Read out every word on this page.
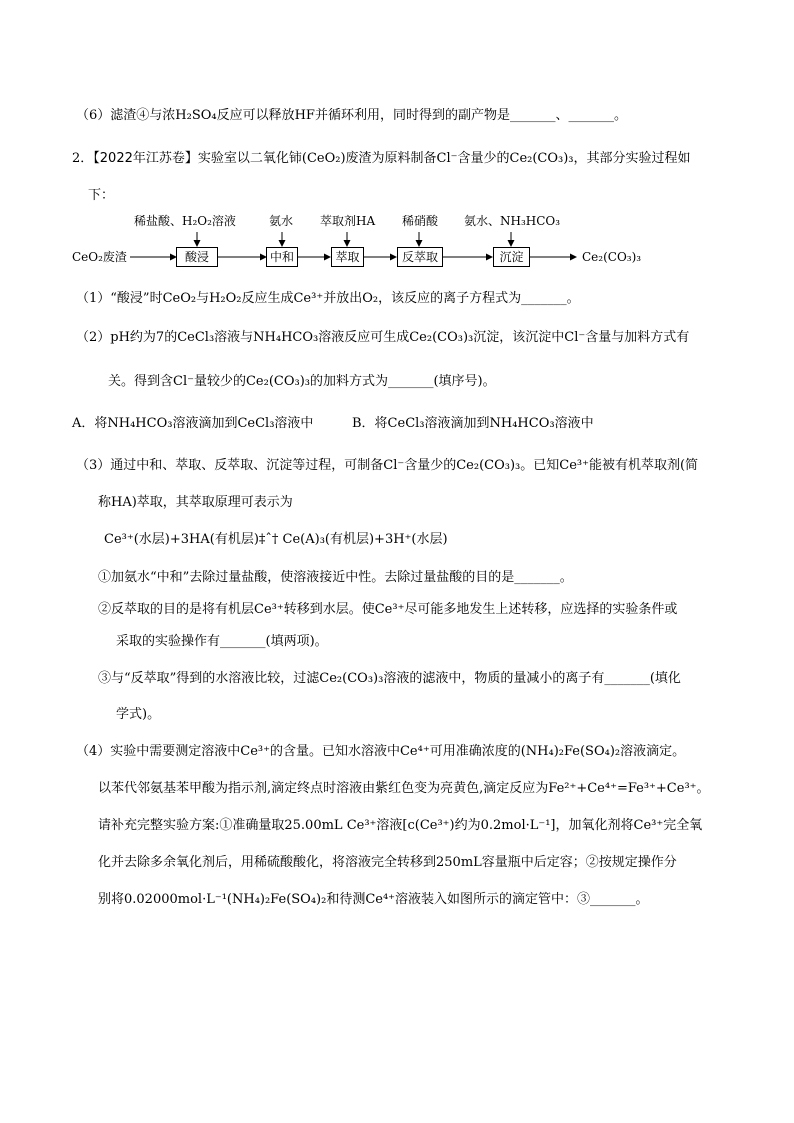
（6）滤渣④与浓H₂SO₄反应可以释放HF并循环利用，同时得到的副产物是_______、_______。
2．【2022年江苏卷】实验室以二氧化铈(CeO₂)废渣为原料制备Cl⁻含量少的Ce₂(CO₃)₃，其部分实验过程如
下：
稀盐酸、H₂O₂溶液	氨水 萃取剂HA 稀硝酸 氨水、NH₃HCO₃
CeO₂废渣	酸浸	中和	萃取	反萃取	沉淀	Ce₂(CO₃)₃
（1）“酸浸”时CeO₂与H₂O₂反应生成Ce³⁺并放出O₂，该反应的离子方程式为_______。
（2）pH约为7的CeCl₃溶液与NH₄HCO₃溶液反应可生成Ce₂(CO₃)₃沉淀，该沉淀中Cl⁻含量与加料方式有
关。得到含Cl⁻量较少的Ce₂(CO₃)₃的加料方式为_______(填序号)。
A．将NH₄HCO₃溶液滴加到CeCl₃溶液中	B．将CeCl₃溶液滴加到NH₄HCO₃溶液中
（3）通过中和、萃取、反萃取、沉淀等过程，可制备Cl⁻含量少的Ce₂(CO₃)₃。已知Ce³⁺能被有机萃取剂(简
称HA)萃取，其萃取原理可表示为
Ce³⁺(水层)+3HA(有机层)‡ˆ† Ce(A)₃(有机层)+3H⁺(水层)
①加氨水“中和”去除过量盐酸，使溶液接近中性。去除过量盐酸的目的是_______。
②反萃取的目的是将有机层Ce³⁺转移到水层。使Ce³⁺尽可能多地发生上述转移，应选择的实验条件或
采取的实验操作有_______(填两项)。
③与“反萃取”得到的水溶液比较，过滤Ce₂(CO₃)₃溶液的滤液中，物质的量减小的离子有_______(填化
学式)。
（4）实验中需要测定溶液中Ce³⁺的含量。已知水溶液中Ce⁴⁺可用准确浓度的(NH₄)₂Fe(SO₄)₂溶液滴定。
以苯代邻氨基苯甲酸为指示剂,滴定终点时溶液由紫红色变为亮黄色,滴定反应为Fe²⁺+Ce⁴⁺=Fe³⁺+Ce³⁺。
请补充完整实验方案:①准确量取25.00mL Ce³⁺溶液[c(Ce³⁺)约为0.2mol·L⁻¹]，加氧化剂将Ce³⁺完全氧
化并去除多余氧化剂后，用稀硫酸酸化，将溶液完全转移到250mL容量瓶中后定容；②按规定操作分
别将0.02000mol·L⁻¹(NH₄)₂Fe(SO₄)₂和待测Ce⁴⁺溶液装入如图所示的滴定管中：③_______。
